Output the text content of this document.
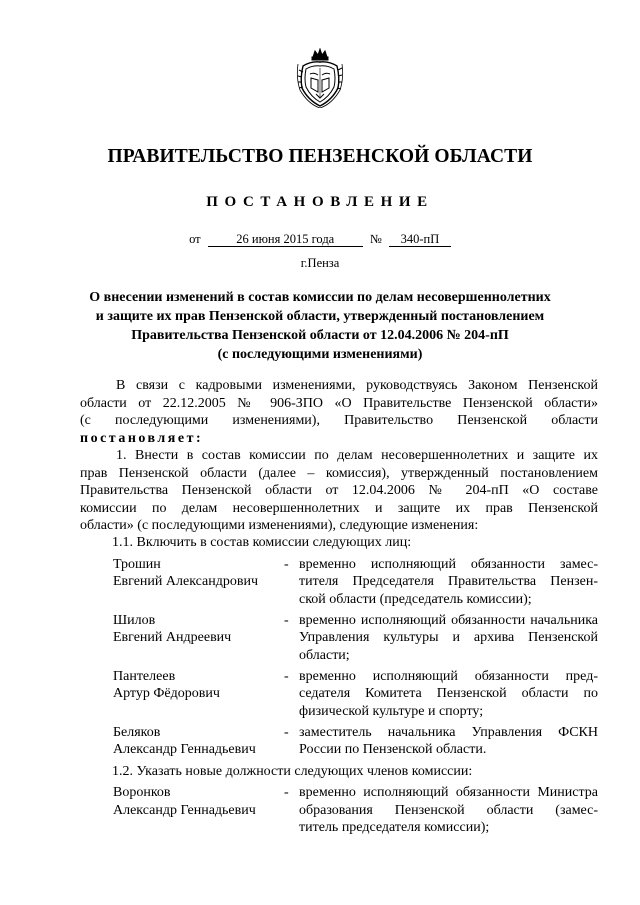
ПРАВИТЕЛЬСТВО ПЕНЗЕНСКОЙ ОБЛАСТИ
ПОСТАНОВЛЕНИЕ
от	26 июня 2015 года	№ 340-пП
г.Пенза
О внесении изменений в состав комиссии по делам несовершеннолетних
и защите их прав Пензенской области, утвержденный постановлением
Правительства Пензенской области от 12.04.2006 № 204-пП
(с последующими изменениями)
В связи с кадровыми изменениями, руководствуясь Законом Пензенской
области от 22.12.2005 № 906-ЗПО «О Правительстве Пензенской области»
(с последующими изменениями), Правительство Пензенской области
постановляет:
1. Внести в состав комиссии по делам несовершеннолетних и защите их
прав Пензенской области (далее – комиссия), утвержденный постановлением
Правительства Пензенской области от 12.04.2006 № 204-пП «О составе
комиссии по делам несовершеннолетних и защите их прав Пензенской
области» (с последующими изменениями), следующие изменения:
1.1. Включить в состав комиссии следующих лиц:
Трошин
Евгений Александрович
- временно исполняющий обязанности замес-
тителя Председателя Правительства Пензен-
ской области (председатель комиссии);
Шилов
Евгений Андреевич
- временно исполняющий обязанности начальника
Управления культуры и архива Пензенской
области;
Пантелеев
Артур Фёдорович
- временно исполняющий обязанности пред-
седателя Комитета Пензенской области по
физической культуре и спорту;
Беляков
Александр Геннадьевич
- заместитель начальника Управления ФСКН
России по Пензенской области.
1.2. Указать новые должности следующих членов комиссии:
Воронков
Александр Геннадьевич
- временно исполняющий обязанности Министра
образования Пензенской области (замес-
титель председателя комиссии);
